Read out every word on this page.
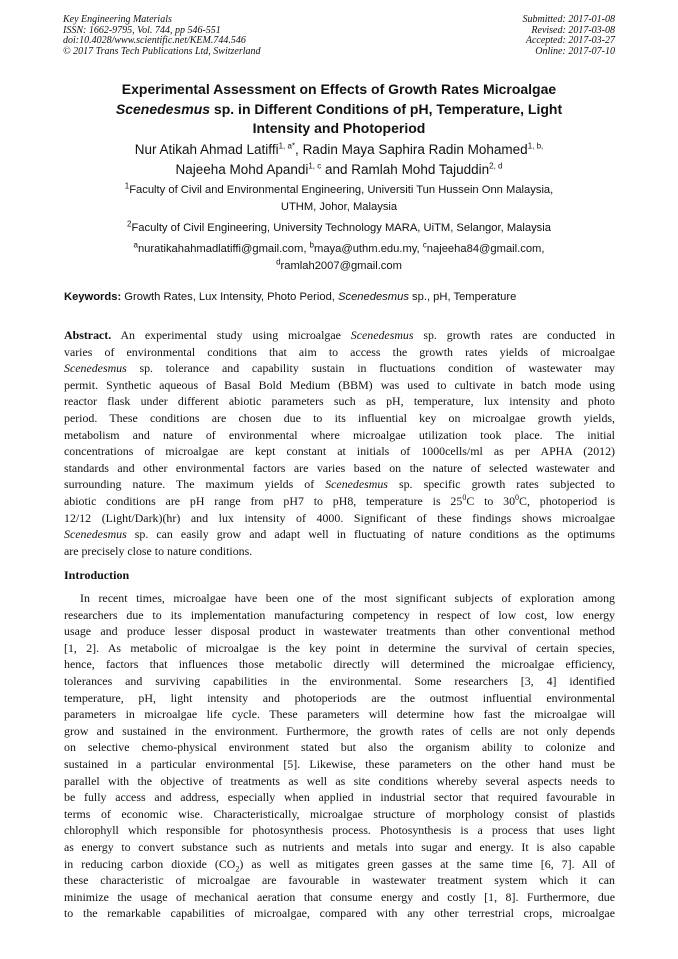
Key Engineering Materials
ISSN: 1662-9795, Vol. 744, pp 546-551
doi:10.4028/www.scientific.net/KEM.744.546
© 2017 Trans Tech Publications Ltd, Switzerland
Submitted: 2017-01-08
Revised: 2017-03-08
Accepted: 2017-03-27
Online: 2017-07-10
Experimental Assessment on Effects of Growth Rates Microalgae
Scenedesmus sp. in Different Conditions of pH, Temperature, Light
Intensity and Photoperiod
Nur Atikah Ahmad Latiffi$^{1, a*}$, Radin Maya Saphira Radin Mohamed$^{1, b,}$
Najeeha Mohd Apandi$^{1, c}$ and Ramlah Mohd Tajuddin$^{2, d}$
$^1$Faculty of Civil and Environmental Engineering, Universiti Tun Hussein Onn Malaysia,
UTHM, Johor, Malaysia
$^2$Faculty of Civil Engineering, University Technology MARA, UiTM, Selangor, Malaysia
$^a$nuratikahahmadlatiffi@gmail.com, $^b$maya@uthm.edu.my, $^c$najeeha84@gmail.com,
$^d$ramlah2007@gmail.com
Keywords: Growth Rates, Lux Intensity, Photo Period, Scenedesmus sp., pH, Temperature
Abstract. An experimental study using microalgae Scenedesmus sp. growth rates are conducted in
varies of environmental conditions that aim to access the growth rates yields of microalgae
Scenedesmus sp. tolerance and capability sustain in fluctuations condition of wastewater may
permit. Synthetic aqueous of Basal Bold Medium (BBM) was used to cultivate in batch mode using
reactor flask under different abiotic parameters such as pH, temperature, lux intensity and photo
period. These conditions are chosen due to its influential key on microalgae growth yields,
metabolism and nature of environmental where microalgae utilization took place. The initial
concentrations of microalgae are kept constant at initials of 1000cells/ml as per APHA (2012)
standards and other environmental factors are varies based on the nature of selected wastewater and
surrounding nature. The maximum yields of Scenedesmus sp. specific growth rates subjected to
abiotic conditions are pH range from pH7 to pH8, temperature is $25^0C$ to $30^0C$, photoperiod is
12/12 (Light/Dark)(hr) and lux intensity of 4000. Significant of these findings shows microalgae
Scenedesmus sp. can easily grow and adapt well in fluctuating of nature conditions as the optimums
are precisely close to nature conditions.
Introduction
In recent times, microalgae have been one of the most significant subjects of exploration among
researchers due to its implementation manufacturing competency in respect of low cost, low energy
usage and produce lesser disposal product in wastewater treatments than other conventional method
[1, 2]. As metabolic of microalgae is the key point in determine the survival of certain species,
hence, factors that influences those metabolic directly will determined the microalgae efficiency,
tolerances and surviving capabilities in the environmental. Some researchers [3, 4] identified
temperature, pH, light intensity and photoperiods are the outmost influential environmental
parameters in microalgae life cycle. These parameters will determine how fast the microalgae will
grow and sustained in the environment. Furthermore, the growth rates of cells are not only depends
on selective chemo-physical environment stated but also the organism ability to colonize and
sustained in a particular environmental [5]. Likewise, these parameters on the other hand must be
parallel with the objective of treatments as well as site conditions whereby several aspects needs to
be fully access and address, especially when applied in industrial sector that required favourable in
terms of economic wise. Characteristically, microalgae structure of morphology consist of plastids
chlorophyll which responsible for photosynthesis process. Photosynthesis is a process that uses light
as energy to convert substance such as nutrients and metals into sugar and energy. It is also capable
in reducing carbon dioxide $(CO_2)$ as well as mitigates green gasses at the same time [6, 7]. All of
these characteristic of microalgae are favourable in wastewater treatment system which it can
minimize the usage of mechanical aeration that consume energy and costly [1, 8]. Furthermore, due
to the remarkable capabilities of microalgae, compared with any other terrestrial crops, microalgae
